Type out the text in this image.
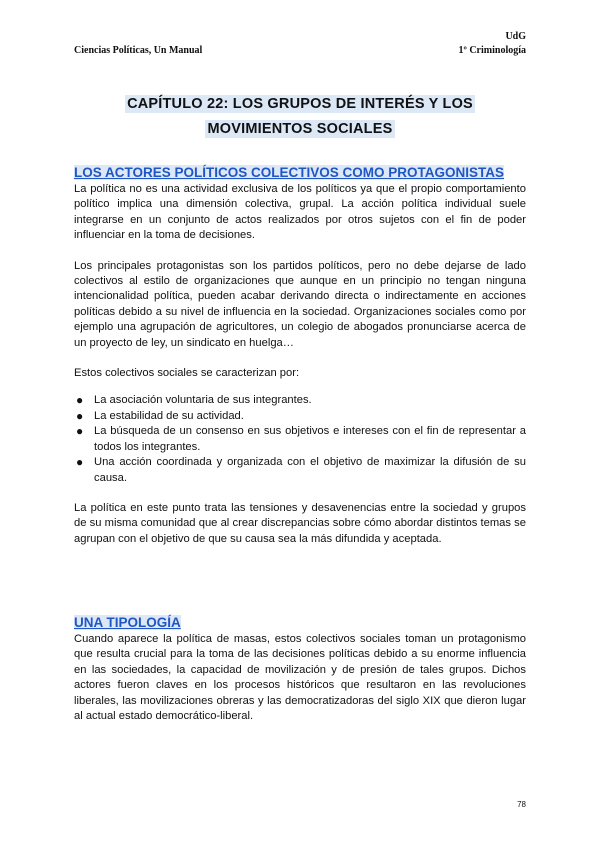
Ciencias Políticas, Un Manual
UdG
1º Criminología
CAPÍTULO 22: LOS GRUPOS DE INTERÉS Y LOS
MOVIMIENTOS SOCIALES
LOS ACTORES POLÍTICOS COLECTIVOS COMO PROTAGONISTAS

La política no es una actividad exclusiva de los políticos ya que el propio comportamiento político implica una dimensión colectiva, grupal. La acción política individual suele integrarse en un conjunto de actos realizados por otros sujetos con el fin de poder influenciar en la toma de decisiones.

Los principales protagonistas son los partidos políticos, pero no debe dejarse de lado colectivos al estilo de organizaciones que aunque en un principio no tengan ninguna intencionalidad política, pueden acabar derivando directa o indirectamente en acciones políticas debido a su nivel de influencia en la sociedad. Organizaciones sociales como por ejemplo una agrupación de agricultores, un colegio de abogados pronunciarse acerca de un proyecto de ley, un sindicato en huelga…

Estos colectivos sociales se caracterizan por:

● La asociación voluntaria de sus integrantes.
● La estabilidad de su actividad.
● La búsqueda de un consenso en sus objetivos e intereses con el fin de representar a todos los integrantes.
● Una acción coordinada y organizada con el objetivo de maximizar la difusión de su causa.

La política en este punto trata las tensiones y desavenencias entre la sociedad y grupos de su misma comunidad que al crear discrepancias sobre cómo abordar distintos temas se agrupan con el objetivo de que su causa sea la más difundida y aceptada.

UNA TIPOLOGÍA

Cuando aparece la política de masas, estos colectivos sociales toman un protagonismo que resulta crucial para la toma de las decisiones políticas debido a su enorme influencia en las sociedades, la capacidad de movilización y de presión de tales grupos. Dichos actores fueron claves en los procesos históricos que resultaron en las revoluciones liberales, las movilizaciones obreras y las democratizadoras del siglo XIX que dieron lugar al actual estado democrático-liberal.

78
